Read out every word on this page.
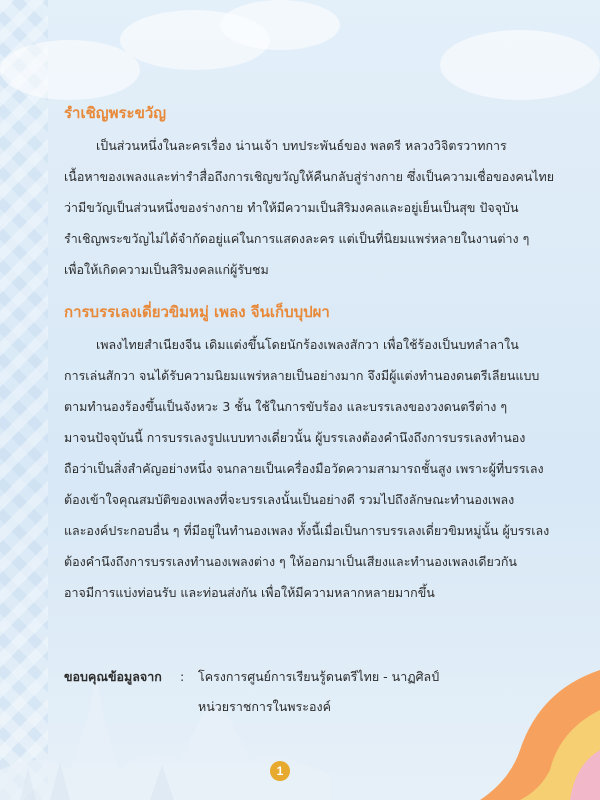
รำเชิญพระขวัญ
เป็นส่วนหนึ่งในละครเรื่อง น่านเจ้า บทประพันธ์ของ พลตรี หลวงวิจิตรวาทการ
เนื้อหาของเพลงและท่ารำสื่อถึงการเชิญขวัญให้คืนกลับสู่ร่างกาย ซึ่งเป็นความเชื่อของคนไทย
ว่ามีขวัญเป็นส่วนหนึ่งของร่างกาย ทำให้มีความเป็นสิริมงคลและอยู่เย็นเป็นสุข ปัจจุบัน
รำเชิญพระขวัญไม่ได้จำกัดอยู่แค่ในการแสดงละคร แต่เป็นที่นิยมแพร่หลายในงานต่าง ๆ
เพื่อให้เกิดความเป็นสิริมงคลแก่ผู้รับชม
การบรรเลงเดี่ยวขิมหมู่ เพลง จีนเก็บบุปผา
เพลงไทยสำเนียงจีน เดิมแต่งขึ้นโดยนักร้องเพลงสักวา เพื่อใช้ร้องเป็นบทลำลาใน
การเล่นสักวา จนได้รับความนิยมแพร่หลายเป็นอย่างมาก จึงมีผู้แต่งทำนองดนตรีเลียนแบบ
ตามทำนองร้องขึ้นเป็นจังหวะ 3 ชั้น ใช้ในการขับร้อง และบรรเลงของวงดนตรีต่าง ๆ
มาจนปัจจุบันนี้ การบรรเลงรูปแบบทางเดี่ยวนั้น ผู้บรรเลงต้องคำนึงถึงการบรรเลงทำนอง
ถือว่าเป็นสิ่งสำคัญอย่างหนึ่ง จนกลายเป็นเครื่องมือวัดความสามารถชั้นสูง เพราะผู้ที่บรรเลง
ต้องเข้าใจคุณสมบัติของเพลงที่จะบรรเลงนั้นเป็นอย่างดี รวมไปถึงลักษณะทำนองเพลง
และองค์ประกอบอื่น ๆ ที่มีอยู่ในทำนองเพลง ทั้งนี้เมื่อเป็นการบรรเลงเดี่ยวขิมหมู่นั้น ผู้บรรเลง
ต้องคำนึงถึงการบรรเลงทำนองเพลงต่าง ๆ ให้ออกมาเป็นเสียงและทำนองเพลงเดียวกัน
อาจมีการแบ่งท่อนรับ และท่อนส่งกัน เพื่อให้มีความหลากหลายมากขึ้น
ขอบคุณข้อมูลจาก	:	โครงการศูนย์การเรียนรู้ดนตรีไทย - นาฏศิลป์
หน่วยราชการในพระองค์
1
